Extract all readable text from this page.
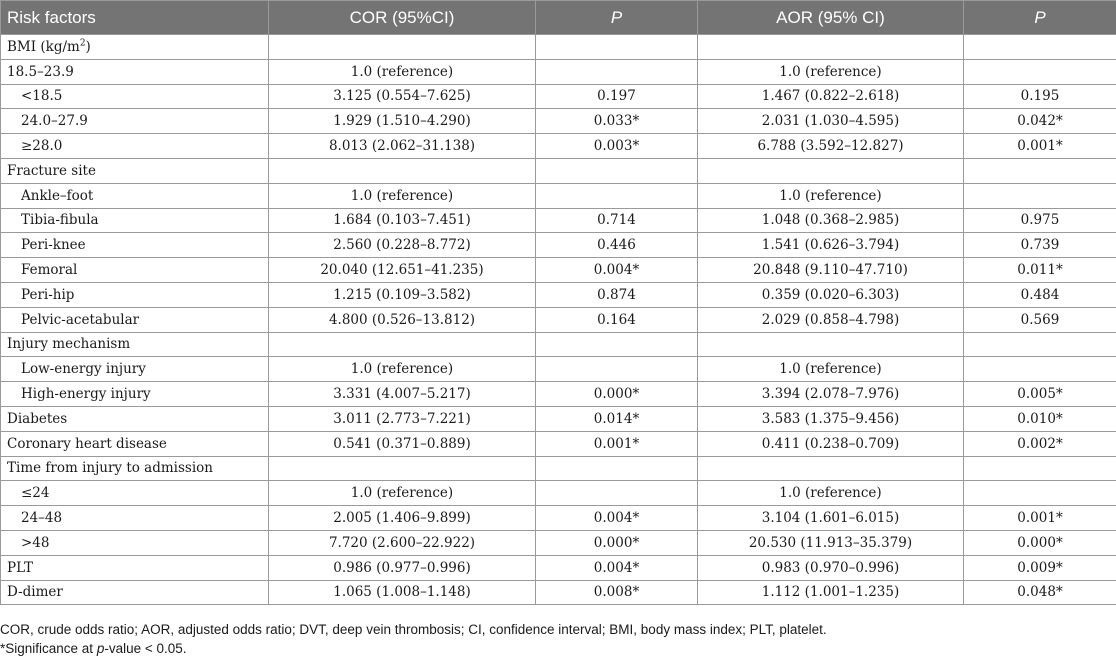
Risk factors	COR (95%CI)	P	AOR (95% CI)	P
BMI $(kg/m^2)$				
18.5–23.9	1.0 (reference)		1.0 (reference)	
<18.5	3.125 (0.554–7.625)	0.197	1.467 (0.822–2.618)	0.195
24.0–27.9	1.929 (1.510–4.290)	0.033*	2.031 (1.030–4.595)	0.042*
≥28.0	8.013 (2.062–31.138)	0.003*	6.788 (3.592–12.827)	0.001*
Fracture site				
Ankle–foot	1.0 (reference)		1.0 (reference)	
Tibia-fibula	1.684 (0.103–7.451)	0.714	1.048 (0.368–2.985)	0.975
Peri-knee	2.560 (0.228–8.772)	0.446	1.541 (0.626–3.794)	0.739
Femoral	20.040 (12.651–41.235)	0.004*	20.848 (9.110–47.710)	0.011*
Peri-hip	1.215 (0.109–3.582)	0.874	0.359 (0.020–6.303)	0.484
Pelvic-acetabular	4.800 (0.526–13.812)	0.164	2.029 (0.858–4.798)	0.569
Injury mechanism				
Low-energy injury	1.0 (reference)		1.0 (reference)	
High-energy injury	3.331 (4.007–5.217)	0.000*	3.394 (2.078–7.976)	0.005*
Diabetes	3.011 (2.773–7.221)	0.014*	3.583 (1.375–9.456)	0.010*
Coronary heart disease	0.541 (0.371–0.889)	0.001*	0.411 (0.238–0.709)	0.002*
Time from injury to admission				
≤24	1.0 (reference)		1.0 (reference)	
24–48	2.005 (1.406–9.899)	0.004*	3.104 (1.601–6.015)	0.001*
>48	7.720 (2.600–22.922)	0.000*	20.530 (11.913–35.379)	0.000*
PLT	0.986 (0.977–0.996)	0.004*	0.983 (0.970–0.996)	0.009*
D-dimer	1.065 (1.008–1.148)	0.008*	1.112 (1.001–1.235)	0.048*
COR, crude odds ratio; AOR, adjusted odds ratio; DVT, deep vein thrombosis; CI, confidence interval; BMI, body mass index; PLT, platelet.
*Significance at p-value < 0.05.
